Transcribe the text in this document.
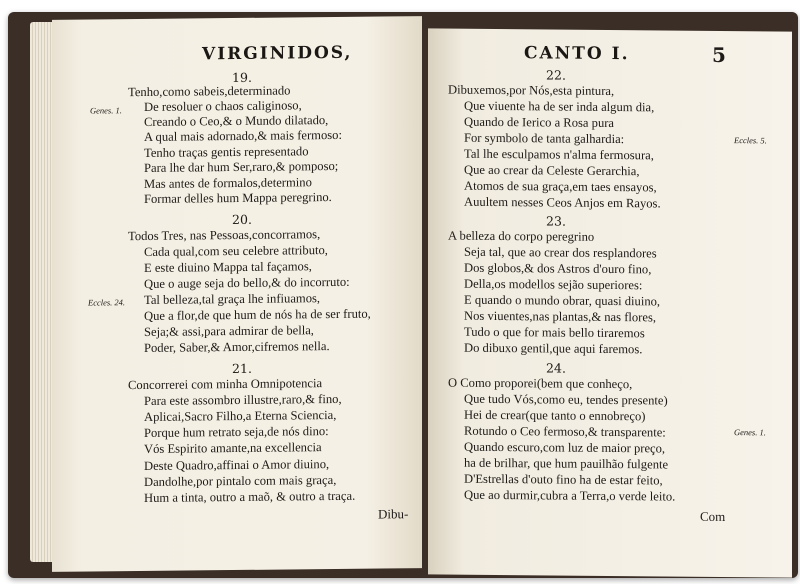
VIRGINIDOS,
19.
Tenho,como sabeis,determinado
De resoluer o chaos caliginoso,
Creando o Ceo,& o Mundo dilatado,
A qual mais adornado,& mais fermoso:
Tenho traças gentis representado
Para lhe dar hum Ser,raro,& pomposo;
Mas antes de formalos,determino
Formar delles hum Mappa peregrino.
20.
Todos Tres, nas Pessoas,concorramos,
Cada qual,com seu celebre attributo,
E este diuino Mappa tal façamos,
Que o auge seja do bello,& do incorruto:
Tal belleza,tal graça lhe infiuamos,
Que a flor,de que hum de nós ha de ser fruto,
Seja;& assi,para admirar de bella,
Poder, Saber,& Amor,cifremos nella.
21.
Concorrerei com minha Omnipotencia
Para este assombro illustre,raro,& fino,
Aplicai,Sacro Filho,a Eterna Sciencia,
Porque hum retrato seja,de nós dino:
Vós Espirito amante,na excellencia
Deste Quadro,affinai o Amor diuino,
Dandolhe,por pintalo com mais graça,
Hum a tinta, outro a maõ, & outro a traça.
Genes. 1.
Eccles. 24.
Dibu-
CANTO I.	5
22.
Dibuxemos,por Nós,esta pintura,
Que viuente ha de ser inda algum dia,
Quando de Ierico a Rosa pura
For symbolo de tanta galhardia:
Tal lhe esculpamos n'alma fermosura,
Que ao crear da Celeste Gerarchia,
Atomos de sua graça,em taes ensayos,
Auultem nesses Ceos Anjos em Rayos.
23.
A belleza do corpo peregrino
Seja tal, que ao crear dos resplandores
Dos globos,& dos Astros d'ouro fino,
Della,os modellos sejão superiores:
E quando o mundo obrar, quasi diuino,
Nos viuentes,nas plantas,& nas flores,
Tudo o que for mais bello tiraremos
Do dibuxo gentil,que aqui faremos.
24.
O Como proporei(bem que conheço,
Que tudo Vós,como eu, tendes presente)
Hei de crear(que tanto o ennobreço)
Rotundo o Ceo fermoso,& transparente:
Quando escuro,com luz de maior preço,
ha de brilhar, que hum pauilhão fulgente
D'Estrellas d'outo fino ha de estar feito,
Que ao durmir,cubra a Terra,o verde leito.
Eccles. 5.
Genes. 1.
Com
